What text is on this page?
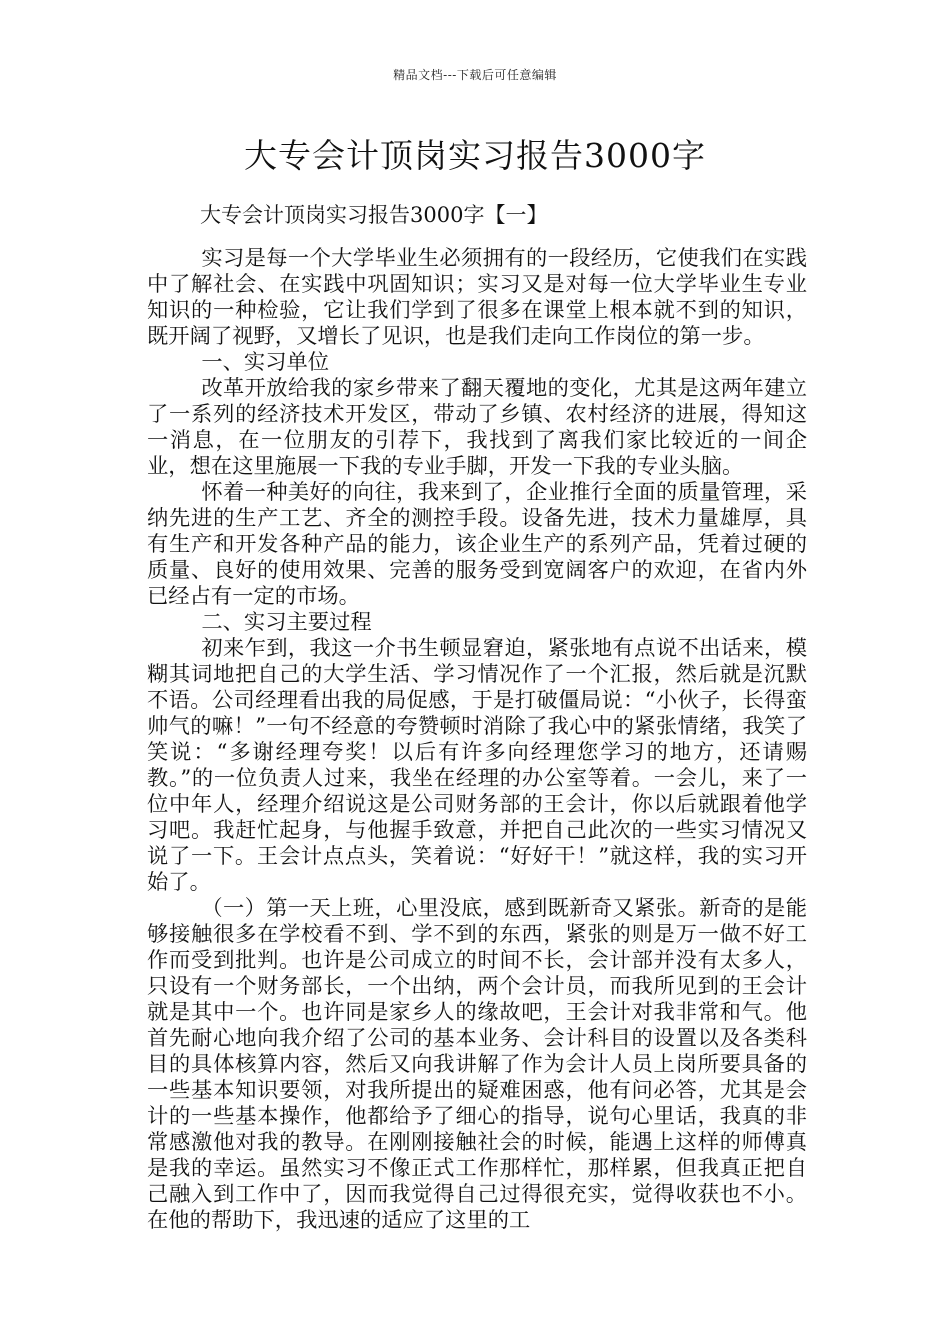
精品文档---下载后可任意编辑
大专会计顶岗实习报告3000字
大专会计顶岗实习报告3000字【一】

实习是每一个大学毕业生必须拥有的一段经历，它使我们在实践中了解社会、在实践中巩固知识；实习又是对每一位大学毕业生专业知识的一种检验，它让我们学到了很多在课堂上根本就不到的知识，既开阔了视野，又增长了见识，也是我们走向工作岗位的第一步。

一、实习单位

改革开放给我的家乡带来了翻天覆地的变化，尤其是这两年建立了一系列的经济技术开发区，带动了乡镇、农村经济的进展，得知这一消息，在一位朋友的引荐下，我找到了离我们家比较近的一间企业，想在这里施展一下我的专业手脚，开发一下我的专业头脑。

怀着一种美好的向往，我来到了，企业推行全面的质量管理，采纳先进的生产工艺、齐全的测控手段。设备先进，技术力量雄厚，具有生产和开发各种产品的能力，该企业生产的系列产品，凭着过硬的质量、良好的使用效果、完善的服务受到宽阔客户的欢迎，在省内外已经占有一定的市场。

二、实习主要过程

初来乍到，我这一介书生顿显窘迫，紧张地有点说不出话来，模糊其词地把自己的大学生活、学习情况作了一个汇报，然后就是沉默不语。公司经理看出我的局促感，于是打破僵局说：“小伙子，长得蛮帅气的嘛！”一句不经意的夸赞顿时消除了我心中的紧张情绪，我笑了笑说：“多谢经理夸奖！以后有许多向经理您学习的地方，还请赐教。”的一位负责人过来，我坐在经理的办公室等着。一会儿，来了一位中年人，经理介绍说这是公司财务部的王会计，你以后就跟着他学习吧。我赶忙起身，与他握手致意，并把自己此次的一些实习情况又说了一下。王会计点点头，笑着说：“好好干！”就这样，我的实习开始了。

（一）第一天上班，心里没底，感到既新奇又紧张。新奇的是能够接触很多在学校看不到、学不到的东西，紧张的则是万一做不好工作而受到批判。也许是公司成立的时间不长，会计部并没有太多人，只设有一个财务部长，一个出纳，两个会计员，而我所见到的王会计就是其中一个。也许同是家乡人的缘故吧，王会计对我非常和气。他首先耐心地向我介绍了公司的基本业务、会计科目的设置以及各类科目的具体核算内容，然后又向我讲解了作为会计人员上岗所要具备的一些基本知识要领，对我所提出的疑难困惑，他有问必答，尤其是会计的一些基本操作，他都给予了细心的指导，说句心里话，我真的非常感激他对我的教导。在刚刚接触社会的时候，能遇上这样的师傅真是我的幸运。虽然实习不像正式工作那样忙，那样累，但我真正把自己融入到工作中了，因而我觉得自己过得很充实，觉得收获也不小。在他的帮助下，我迅速的适应了这里的工
